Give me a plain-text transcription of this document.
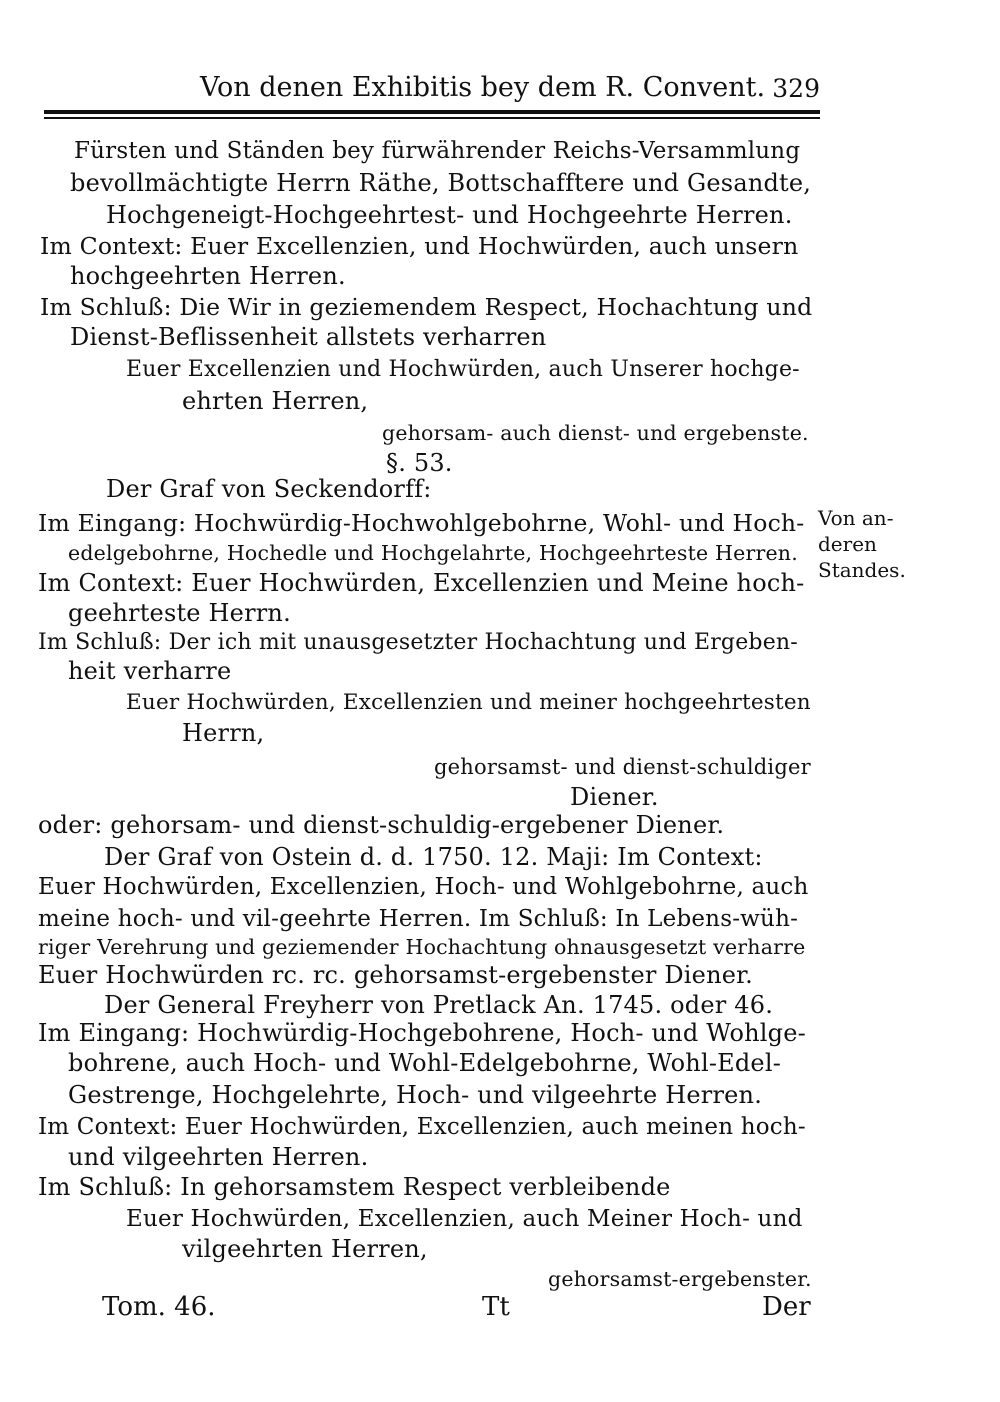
Von denen Exhibitis bey dem R. Convent. 329
Fürsten und Ständen bey fürwährender Reichs-Versammlung
bevollmächtigte Herrn Räthe, Bottschafftere und Gesandte,
Hochgeneigt-Hochgeehrtest- und Hochgeehrte Herren.
Im Context: Euer Excellenzien, und Hochwürden, auch unsern
hochgeehrten Herren.
Im Schluß: Die Wir in geziemendem Respect, Hochachtung und
Dienst-Beflissenheit allstets verharren
Euer Excellenzien und Hochwürden, auch Unserer hochge-
ehrten Herren,
gehorsam- auch dienst- und ergebenste.
§. 53.
Der Graf von Seckendorff:
Im Eingang: Hochwürdig-Hochwohlgebohrne, Wohl- und Hoch-
edelgebohrne, Hochedle und Hochgelahrte, Hochgeehrteste Herren.
Im Context: Euer Hochwürden, Excellenzien und Meine hoch-
geehrteste Herrn.
Im Schluß: Der ich mit unausgesetzter Hochachtung und Ergeben-
heit verharre
Euer Hochwürden, Excellenzien und meiner hochgeehrtesten
Herrn,
gehorsamst- und dienst-schuldiger
Diener.
oder: gehorsam- und dienst-schuldig-ergebener Diener.
Der Graf von Ostein d. d. 1750. 12. Maji: Im Context:
Euer Hochwürden, Excellenzien, Hoch- und Wohlgebohrne, auch
meine hoch- und vil-geehrte Herren. Im Schluß: In Lebens-wüh-
riger Verehrung und geziemender Hochachtung ohnausgesetzt verharre
Euer Hochwürden rc. rc. gehorsamst-ergebenster Diener.
Der General Freyherr von Pretlack An. 1745. oder 46.
Im Eingang: Hochwürdig-Hochgebohrene, Hoch- und Wohlge-
bohrene, auch Hoch- und Wohl-Edelgebohrne, Wohl-Edel-
Gestrenge, Hochgelehrte, Hoch- und vilgeehrte Herren.
Im Context: Euer Hochwürden, Excellenzien, auch meinen hoch-
und vilgeehrten Herren.
Im Schluß: In gehorsamstem Respect verbleibende
Euer Hochwürden, Excellenzien, auch Meiner Hoch- und
vilgeehrten Herren,
gehorsamst-ergebenster.
Von an-
deren
Standes.
Tom. 46.	Tt	Der
